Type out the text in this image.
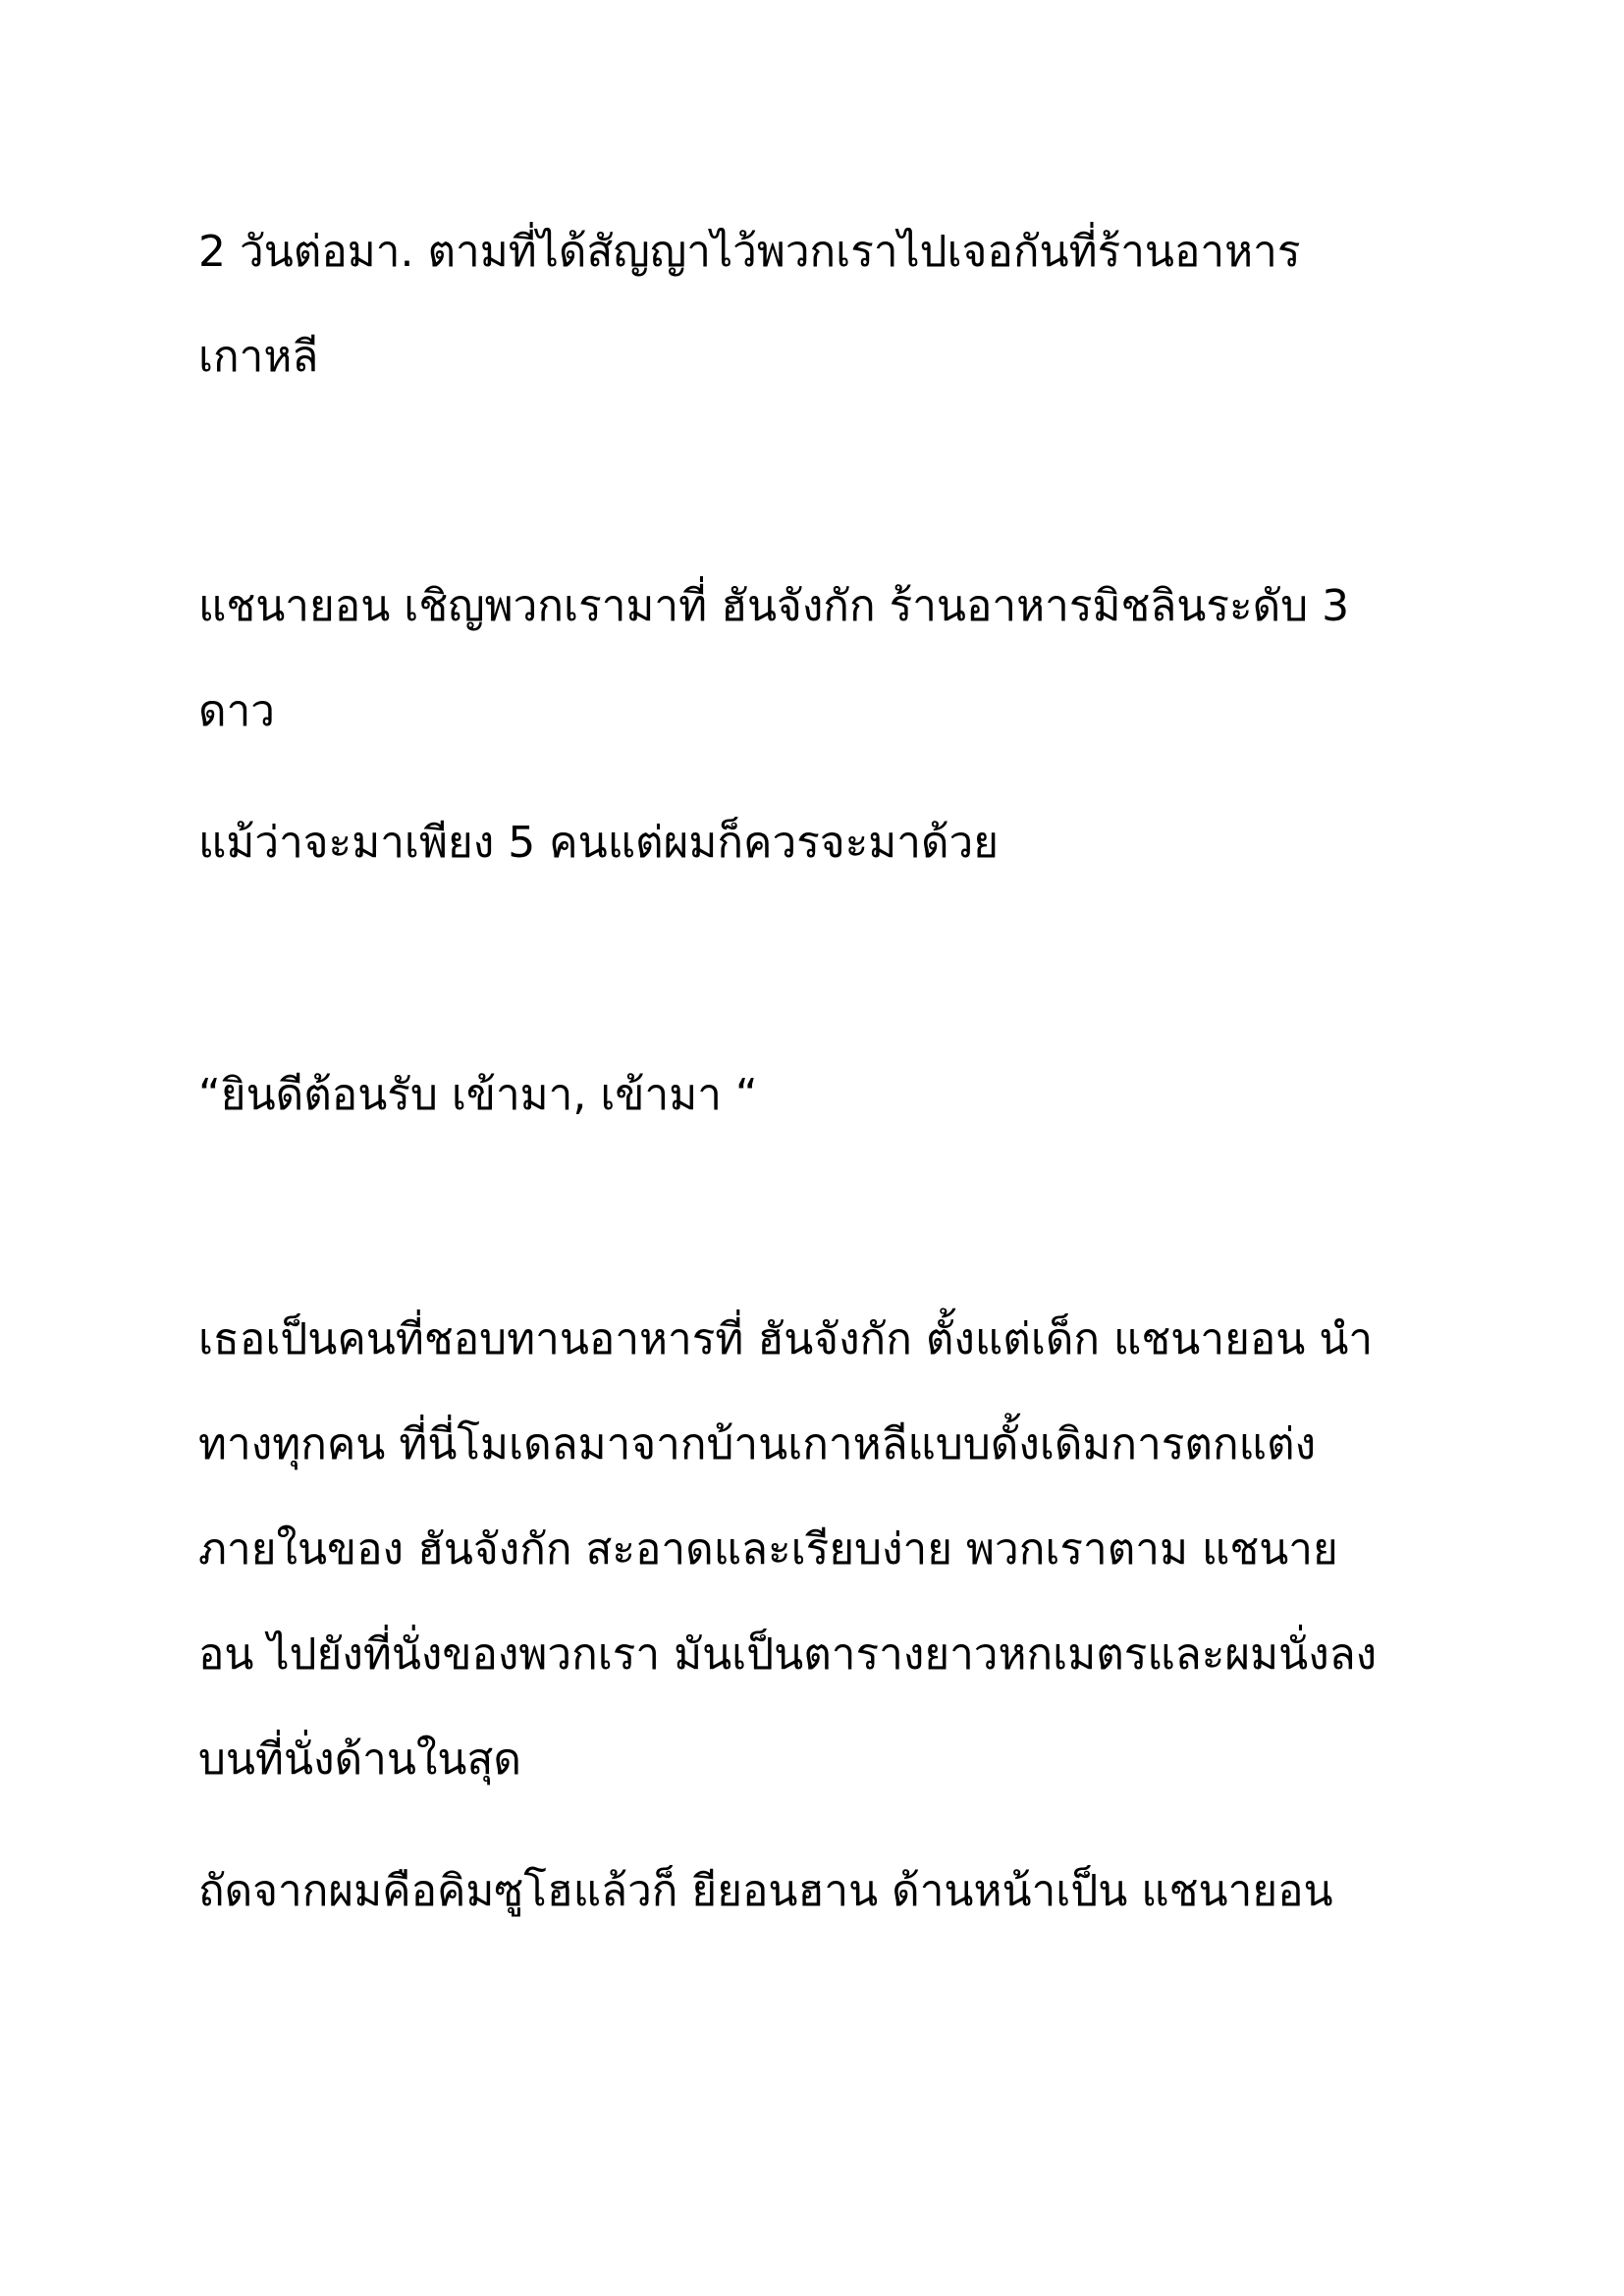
2 วันต่อมา. ตามที่ได้สัญญาไว้พวกเราไปเจอกันที่ร้านอาหาร

เกาหลี

แชนายอน เชิญพวกเรามาที่ ฮันจังกัก ร้านอาหารมิชลินระดับ 3

ดาว

แม้ว่าจะมาเพียง 5 คนแต่ผมก็ควรจะมาด้วย

“ยินดีต้อนรับ เข้ามา, เข้ามา “

เธอเป็นคนที่ชอบทานอาหารที่ ฮันจังกัก ตั้งแต่เด็ก แชนายอน นำ

ทางทุกคน ที่นี่โมเดลมาจากบ้านเกาหลีแบบดั้งเดิมการตกแต่ง

ภายในของ ฮันจังกัก สะอาดและเรียบง่าย พวกเราตาม แชนาย

อน ไปยังที่นั่งของพวกเรา มันเป็นตารางยาวหกเมตรและผมนั่งลง

บนที่นั่งด้านในสุด

ถัดจากผมคือคิมซูโฮแล้วก็ ยียอนฮาน ด้านหน้าเป็น แชนายอน
